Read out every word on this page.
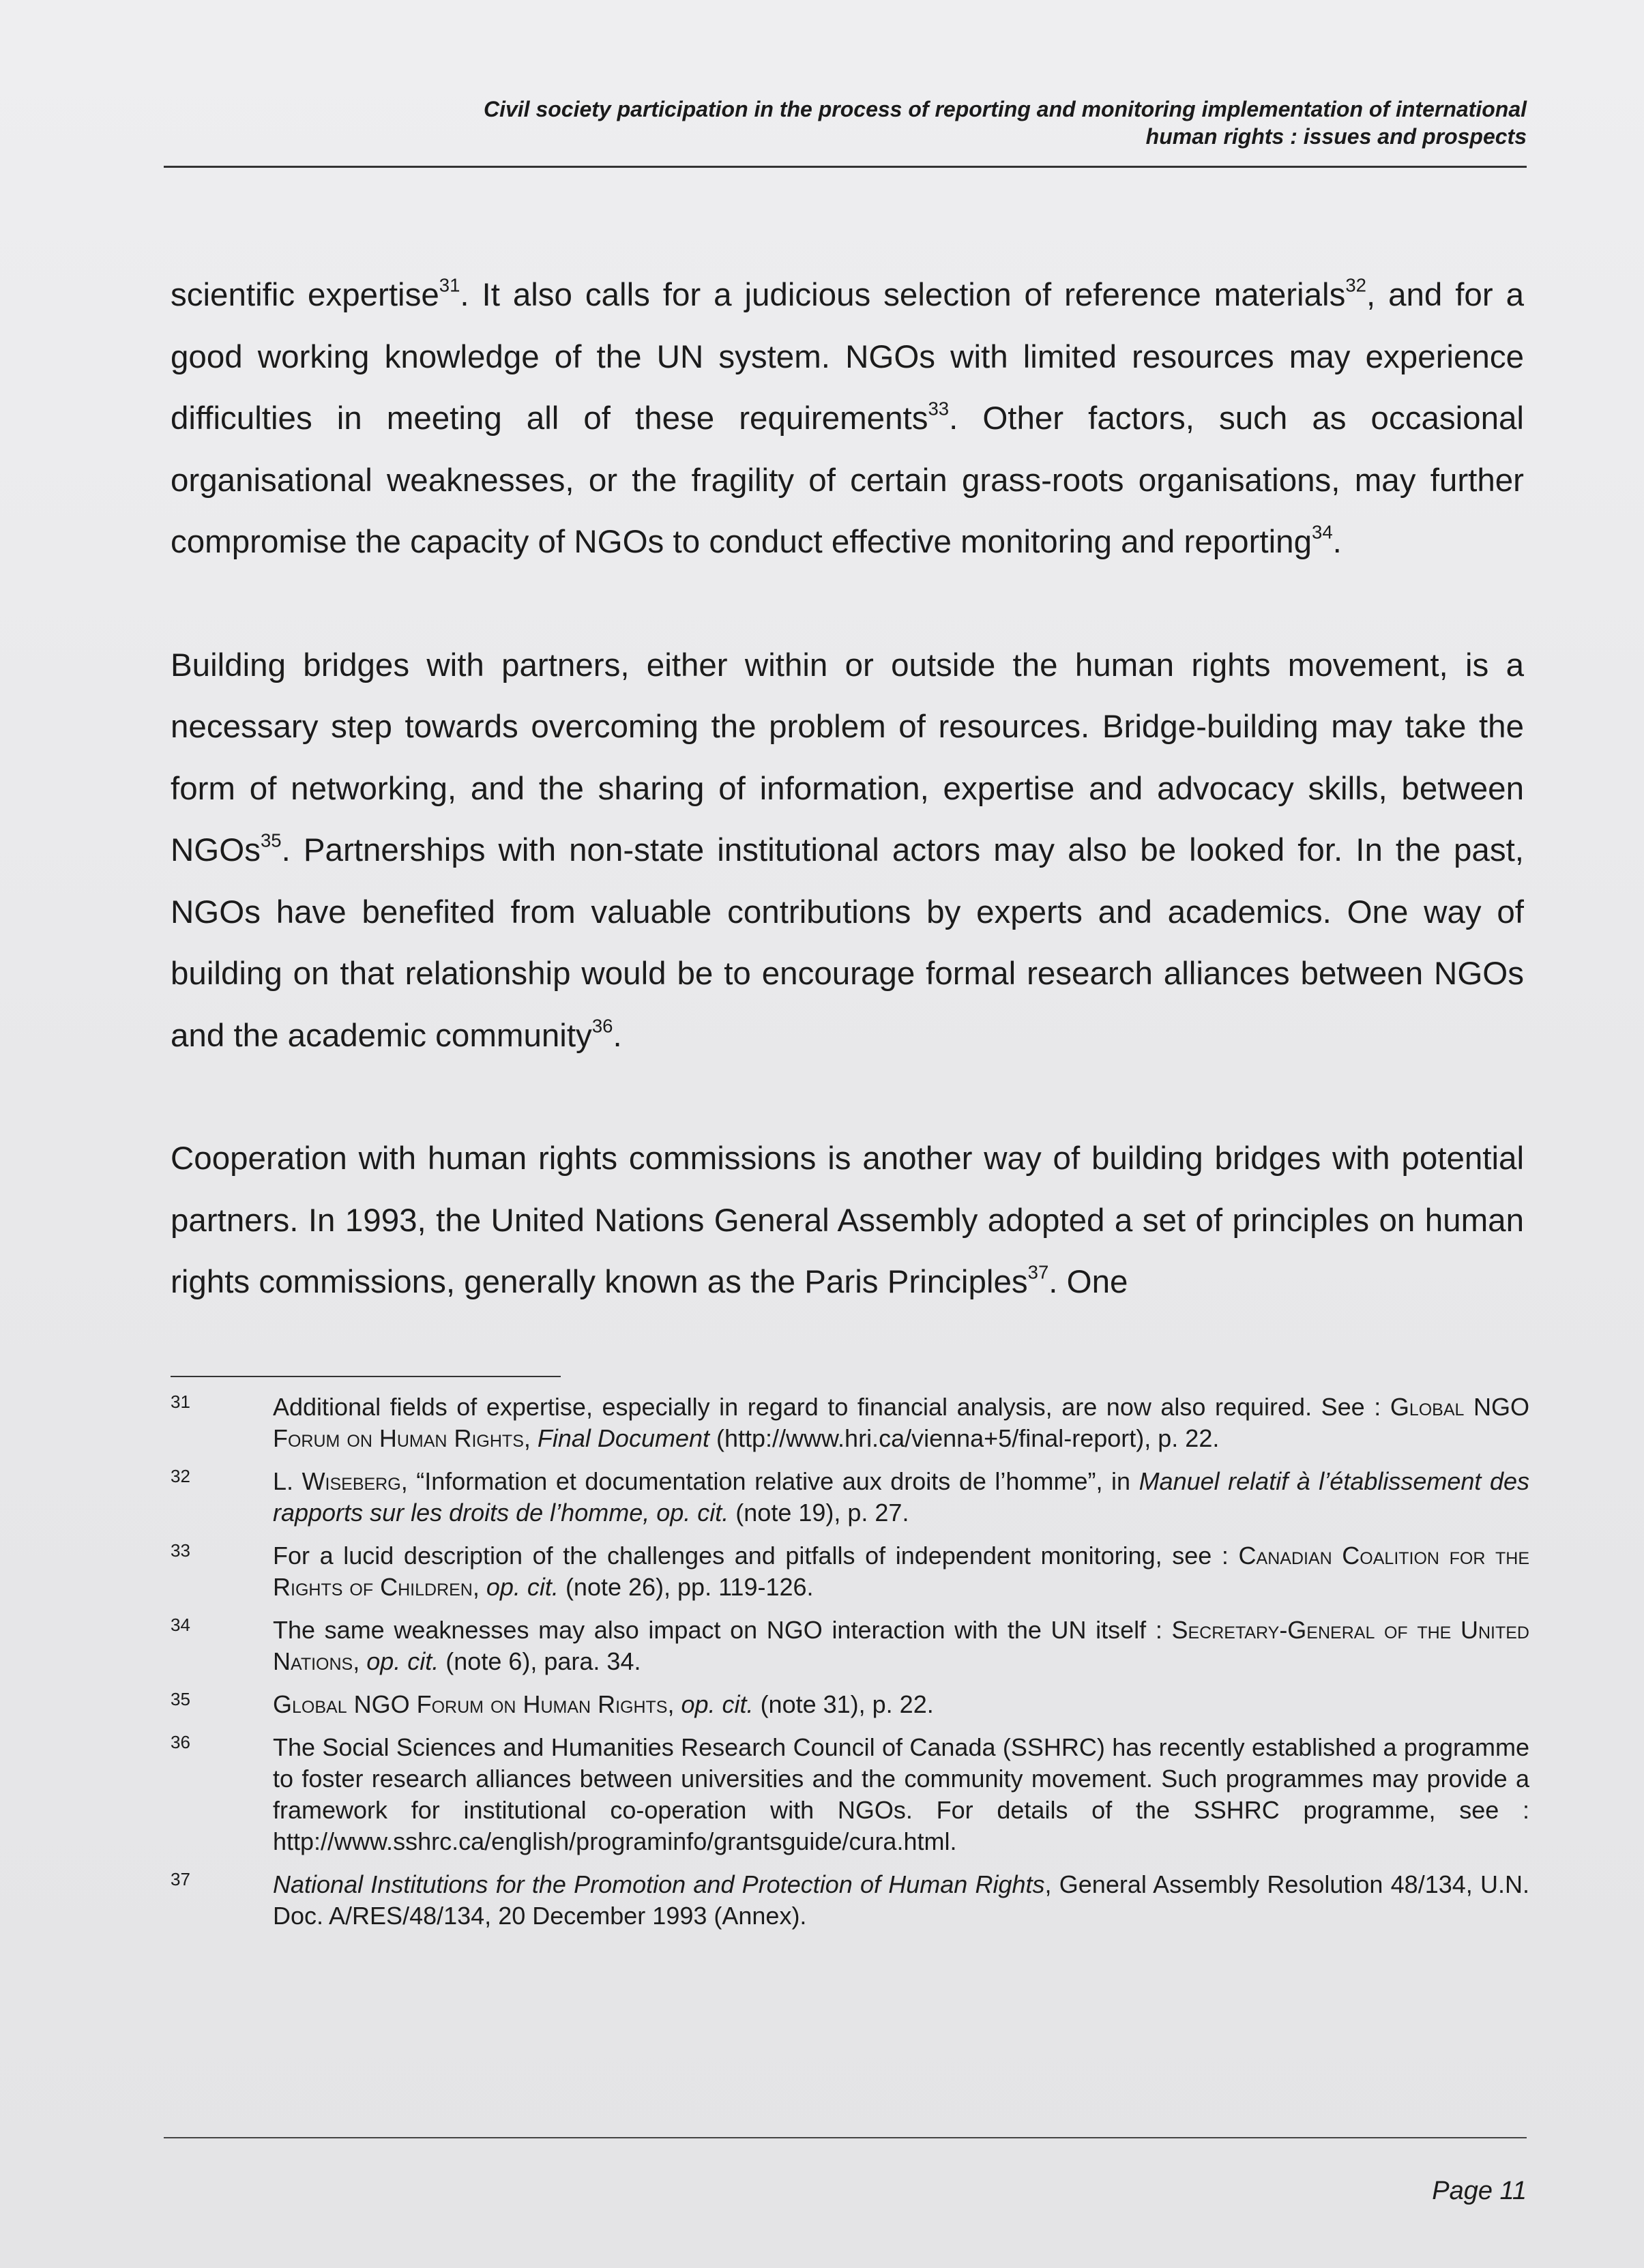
Civil society participation in the process of reporting and monitoring implementation of international
human rights : issues and prospects

scientific expertise$^{31}$. It also calls for a judicious selection of reference materials$^{32}$, and for a good working knowledge of the UN system. NGOs with limited resources may experience difficulties in meeting all of these requirements$^{33}$. Other factors, such as occasional organisational weaknesses, or the fragility of certain grass-roots organisations, may further compromise the capacity of NGOs to conduct effective monitoring and reporting$^{34}$.

Building bridges with partners, either within or outside the human rights movement, is a necessary step towards overcoming the problem of resources. Bridge-building may take the form of networking, and the sharing of information, expertise and advocacy skills, between NGOs$^{35}$. Partnerships with non-state institutional actors may also be looked for. In the past, NGOs have benefited from valuable contributions by experts and academics. One way of building on that relationship would be to encourage formal research alliances between NGOs and the academic community$^{36}$.

Cooperation with human rights commissions is another way of building bridges with potential partners. In 1993, the United Nations General Assembly adopted a set of principles on human rights commissions, generally known as the Paris Principles$^{37}$. One

31	Additional fields of expertise, especially in regard to financial analysis, are now also required. See : Global NGO Forum on Human Rights, Final Document (http://www.hri.ca/vienna+5/final-report), p. 22.
32	L. Wiseberg, “Information et documentation relative aux droits de l’homme”, in Manuel relatif à l’établissement des rapports sur les droits de l’homme, op. cit. (note 19), p. 27.
33	For a lucid description of the challenges and pitfalls of independent monitoring, see : Canadian Coalition for the Rights of Children, op. cit. (note 26), pp. 119-126.
34	The same weaknesses may also impact on NGO interaction with the UN itself : Secretary-General of the United Nations, op. cit. (note 6), para. 34.
35	Global NGO Forum on Human Rights, op. cit. (note 31), p. 22.
36	The Social Sciences and Humanities Research Council of Canada (SSHRC) has recently established a programme to foster research alliances between universities and the community movement. Such programmes may provide a framework for institutional co-operation with NGOs. For details of the SSHRC programme, see :
http://www.sshrc.ca/english/programinfo/grantsguide/cura.html.
37	National Institutions for the Promotion and Protection of Human Rights, General Assembly Resolution 48/134, U.N. Doc. A/RES/48/134, 20 December 1993 (Annex).
Page 11
